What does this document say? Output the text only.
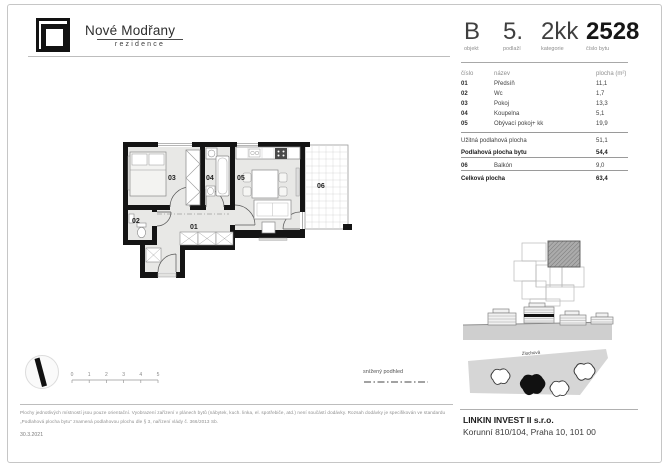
Nové Modřany
rezidence	B
objekt
5.
podlaží
2kk
kategorie
2528
číslo bytu
číslo	název	plocha (m²)
01	Předsíň	11,1
02	Wc	1,7
03	Pokoj	13,3
04	Koupelna	5,1
05	Obývací pokoj+ kk	19,9
Užitná podlahová plocha	51,1
Podlahová plocha bytu	54,4
06	Balkón	9,0
Celková plocha	63,4
03	04	05
06
02
01
0	1	2	3	4	5	snížený podhled
Zlochová
Plochy jednotlivých místností jsou pouze orientační. Vyobrazení zařízení v plánech bytů (nábytek, kuch. linka, el. spotřebiče, atd.) není součástí dodávky. Rozsah dodávky je specifikován ve standardu
„Podlahová plocha bytu“ znamená podlahovou plochu dle § 3, nařízení vlády č. 366/2013 Sb.
30.3.2021
LINKIN INVEST II s.r.o.
Korunní 810/104, Praha 10, 101 00
